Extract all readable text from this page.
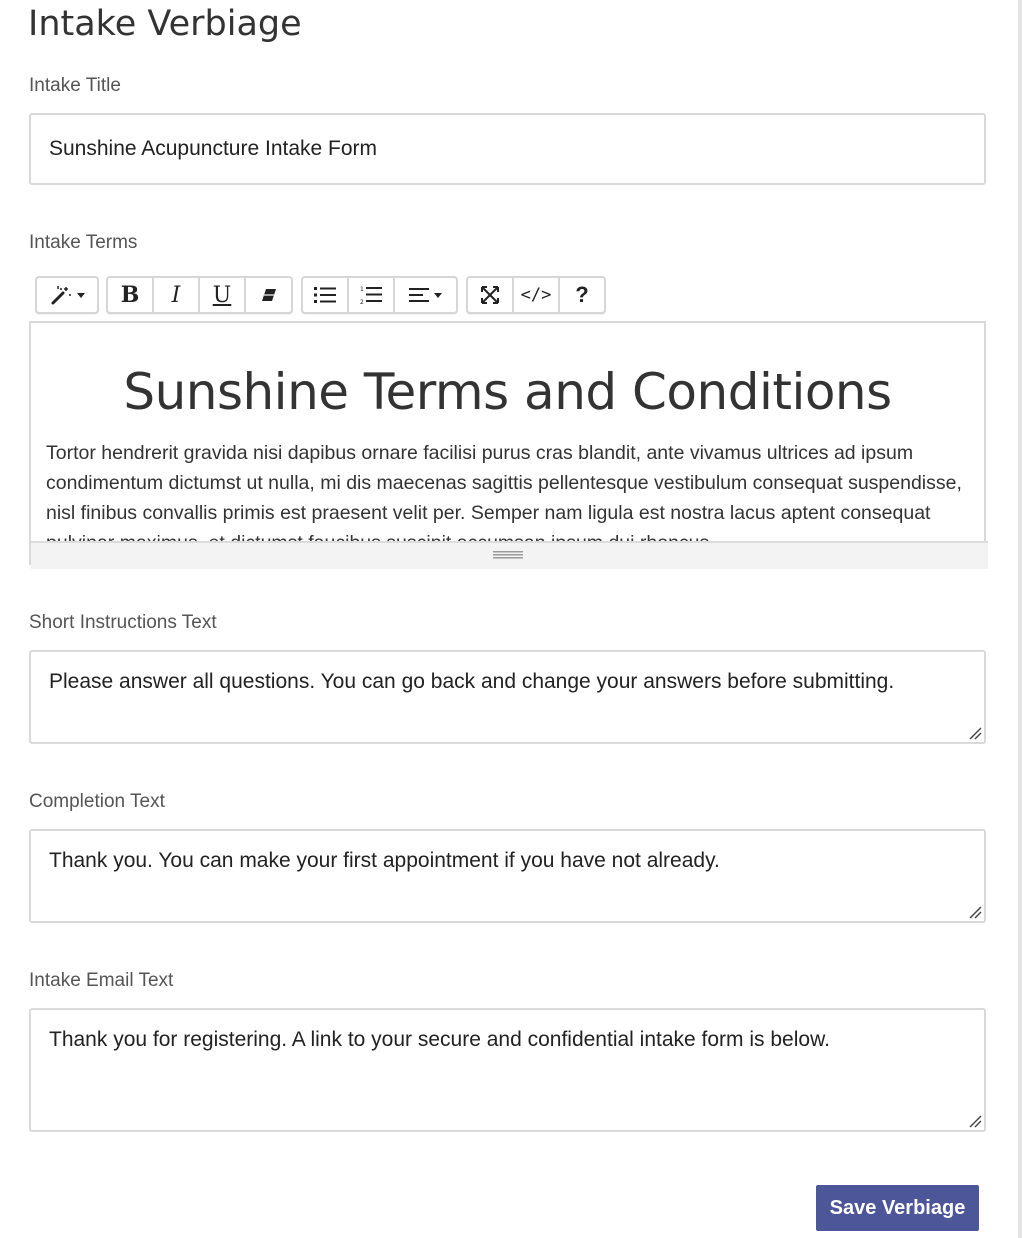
Intake Verbiage
Intake Title
Sunshine Acupuncture Intake Form
Intake Terms
B I U	1
2	</> ?
Sunshine Terms and Conditions

Tortor hendrerit gravida nisi dapibus ornare facilisi purus cras blandit, ante vivamus ultrices ad ipsum condimentum dictumst ut nulla, mi dis maecenas sagittis pellentesque vestibulum consequat suspendisse, nisl finibus convallis primis est praesent velit per. Semper nam ligula est nostra lacus aptent consequat

Short Instructions Text
Please answer all questions. You can go back and change your answers before submitting.
Completion Text
Thank you. You can make your first appointment if you have not already.
Intake Email Text
Thank you for registering. A link to your secure and confidential intake form is below.
Save Verbiage
